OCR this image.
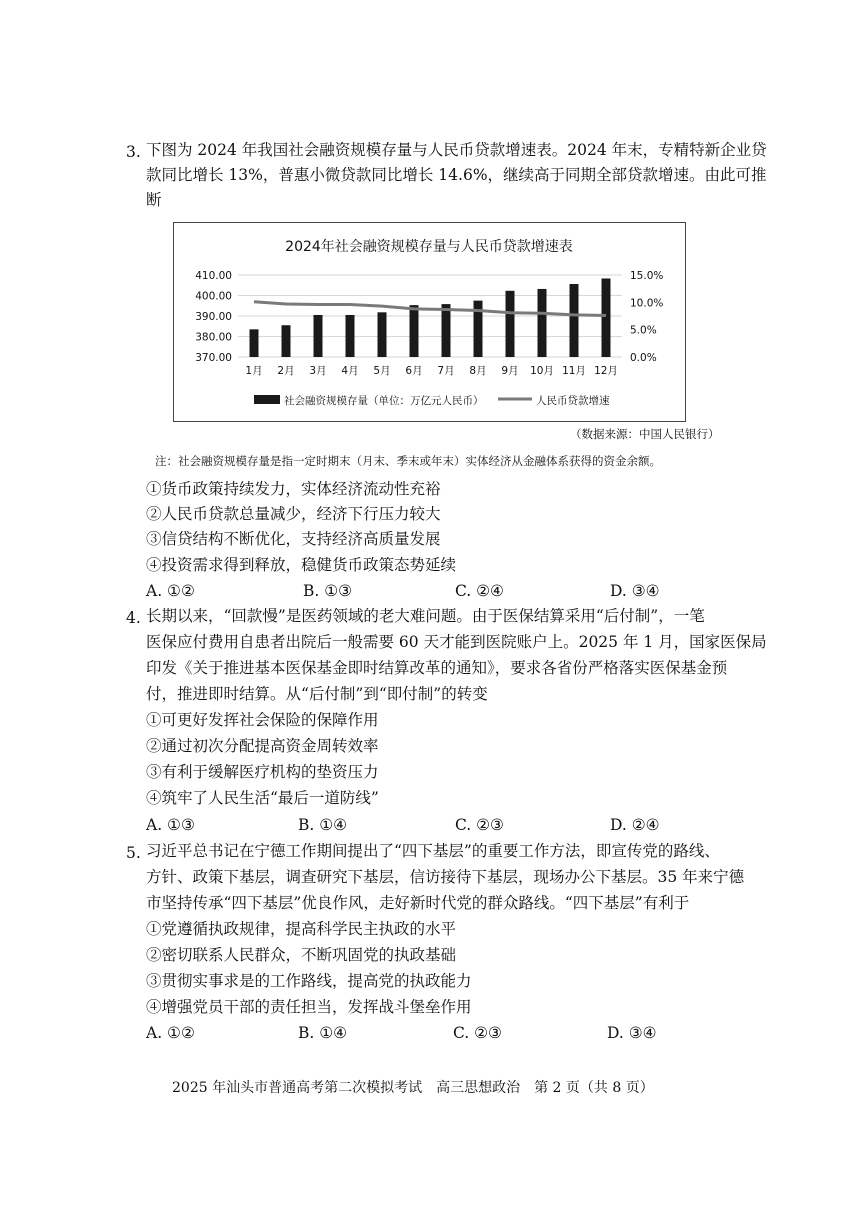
3. 下图为 2024 年我国社会融资规模存量与人民币贷款增速表。2024 年末，专精特新企业贷
款同比增长 13%，普惠小微贷款同比增长 14.6%，继续高于同期全部贷款增速。由此可推
断
2024年社会融资规模存量与人民币贷款增速表
370.00
380.00
390.00
400.00
410.00
0.0%
5.0%
10.0%
15.0%
1月 2月 3月 4月 5月 6月 7月 8月 9月 10月 11月 12月
社会融资规模存量（单位：万亿元人民币）	人民币贷款增速
（数据来源：中国人民银行）
注：社会融资规模存量是指一定时期末（月末、季末或年末）实体经济从金融体系获得的资金余额。
①货币政策持续发力，实体经济流动性充裕
②人民币贷款总量减少，经济下行压力较大
③信贷结构不断优化，支持经济高质量发展
④投资需求得到释放，稳健货币政策态势延续
A. ①②	B. ①③	C. ②④	D. ③④
4. 长期以来，“回款慢”是医药领域的老大难问题。由于医保结算采用“后付制”，一笔
医保应付费用自患者出院后一般需要 60 天才能到医院账户上。2025 年 1 月，国家医保局
印发《关于推进基本医保基金即时结算改革的通知》，要求各省份严格落实医保基金预
付，推进即时结算。从“后付制”到“即付制”的转变
①可更好发挥社会保险的保障作用
②通过初次分配提高资金周转效率
③有利于缓解医疗机构的垫资压力
④筑牢了人民生活“最后一道防线”
A. ①③	B. ①④	C. ②③	D. ②④
5. 习近平总书记在宁德工作期间提出了“四下基层”的重要工作方法，即宣传党的路线、
方针、政策下基层，调查研究下基层，信访接待下基层，现场办公下基层。35 年来宁德
市坚持传承“四下基层”优良作风，走好新时代党的群众路线。“四下基层”有利于
①党遵循执政规律，提高科学民主执政的水平
②密切联系人民群众，不断巩固党的执政基础
③贯彻实事求是的工作路线，提高党的执政能力
④增强党员干部的责任担当，发挥战斗堡垒作用
A. ①②	B. ①④	C. ②③	D. ③④
2025 年汕头市普通高考第二次模拟考试　高三思想政治　第 2 页（共 8 页）
